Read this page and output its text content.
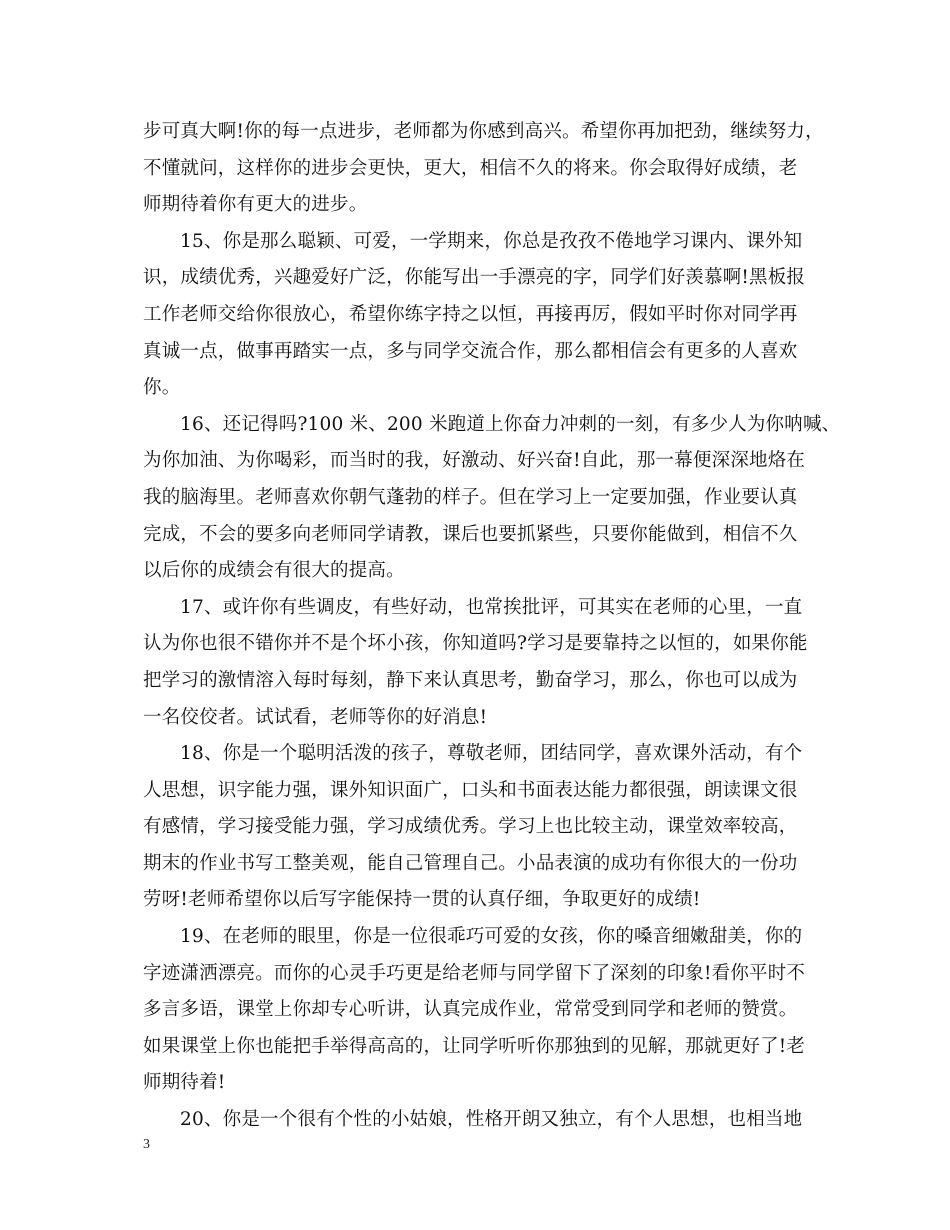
步可真大啊!你的每一点进步，老师都为你感到高兴。希望你再加把劲，继续努力，
不懂就问，这样你的进步会更快，更大，相信不久的将来。你会取得好成绩，老
师期待着你有更大的进步。

15、你是那么聪颖、可爱，一学期来，你总是孜孜不倦地学习课内、课外知
识，成绩优秀，兴趣爱好广泛，你能写出一手漂亮的字，同学们好羡慕啊!黑板报
工作老师交给你很放心，希望你练字持之以恒，再接再厉，假如平时你对同学再
真诚一点，做事再踏实一点，多与同学交流合作，那么都相信会有更多的人喜欢
你。

16、还记得吗?100 米、200 米跑道上你奋力冲刺的一刻，有多少人为你呐喊、
为你加油、为你喝彩，而当时的我，好激动、好兴奋!自此，那一幕便深深地烙在
我的脑海里。老师喜欢你朝气蓬勃的样子。但在学习上一定要加强，作业要认真
完成，不会的要多向老师同学请教，课后也要抓紧些，只要你能做到，相信不久
以后你的成绩会有很大的提高。

17、或许你有些调皮，有些好动，也常挨批评，可其实在老师的心里，一直
认为你也很不错你并不是个坏小孩，你知道吗?学习是要靠持之以恒的，如果你能
把学习的激情溶入每时每刻，静下来认真思考，勤奋学习，那么，你也可以成为
一名佼佼者。试试看，老师等你的好消息!

18、你是一个聪明活泼的孩子，尊敬老师，团结同学，喜欢课外活动，有个
人思想，识字能力强，课外知识面广，口头和书面表达能力都很强，朗读课文很
有感情，学习接受能力强，学习成绩优秀。学习上也比较主动，课堂效率较高，
期末的作业书写工整美观，能自己管理自己。小品表演的成功有你很大的一份功
劳呀!老师希望你以后写字能保持一贯的认真仔细，争取更好的成绩!

19、在老师的眼里，你是一位很乖巧可爱的女孩，你的嗓音细嫩甜美，你的
字迹潇洒漂亮。而你的心灵手巧更是给老师与同学留下了深刻的印象!看你平时不
多言多语，课堂上你却专心听讲，认真完成作业，常常受到同学和老师的赞赏。
如果课堂上你也能把手举得高高的，让同学听听你那独到的见解，那就更好了!老
师期待着!

20、你是一个很有个性的小姑娘，性格开朗又独立，有个人思想，也相当地

3
